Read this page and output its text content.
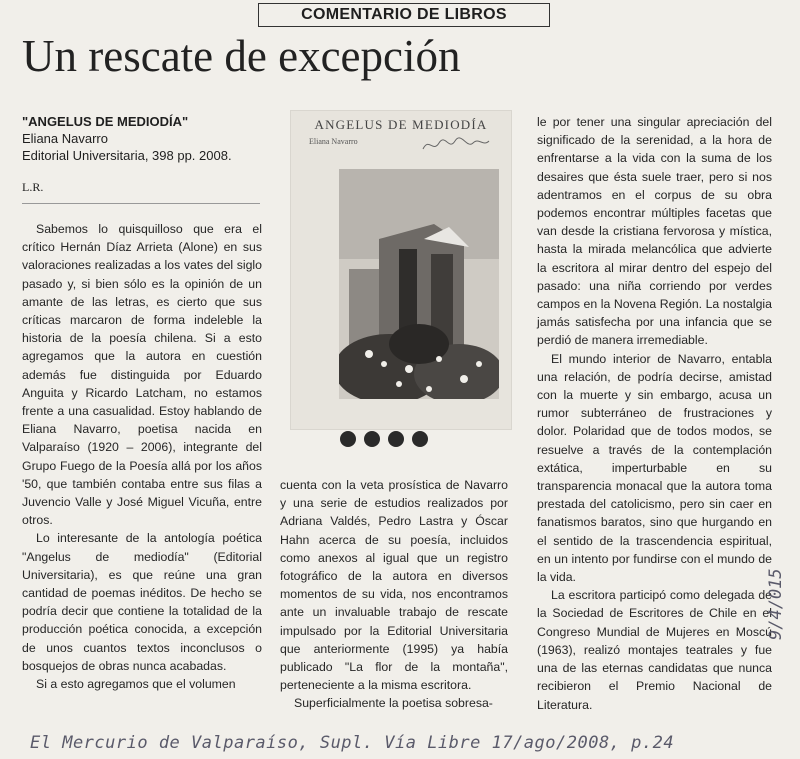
COMENTARIO DE LIBROS
Un rescate de excepción
"ANGELUS DE MEDIODÍA"
Eliana Navarro
Editorial Universitaria, 398 pp. 2008.
L.R.

Sabemos lo quisquilloso que era el crítico Hernán Díaz Arrieta (Alone) en sus valoraciones realizadas a los vates del siglo pasado y, si bien sólo es la opinión de un amante de las letras, es cierto que sus críticas marcaron de forma indeleble la historia de la poesía chilena. Si a esto agregamos que la autora en cuestión además fue distinguida por Eduardo Anguita y Ricardo Latcham, no estamos frente a una casualidad. Estoy hablando de Eliana Navarro, poetisa nacida en Valparaíso (1920 – 2006), integrante del Grupo Fuego de la Poesía allá por los años '50, que también contaba entre sus filas a Juvencio Valle y José Miguel Vicuña, entre otros.

Lo interesante de la antología poética "Angelus de mediodía" (Editorial Universitaria), es que reúne una gran cantidad de poemas inéditos. De hecho se podría decir que contiene la totalidad de la producción poética conocida, a excepción de unos cuantos textos inconclusos o bosquejos de obras nunca acabadas.

Si a esto agregamos que el volumen

ANGELUS DE MEDIODÍA
Eliana Navarro

cuenta con la veta prosística de Navarro y una serie de estudios realizados por Adriana Valdés, Pedro Lastra y Óscar Hahn acerca de su poesía, incluidos como anexos al igual que un registro fotográfico de la autora en diversos momentos de su vida, nos encontramos ante un invaluable trabajo de rescate impulsado por la Editorial Universitaria que anteriormente (1995) ya había publicado "La flor de la montaña", perteneciente a la misma escritora.

Superficialmente la poetisa sobresa-

le por tener una singular apreciación del significado de la serenidad, a la hora de enfrentarse a la vida con la suma de los desaires que ésta suele traer, pero si nos adentramos en el corpus de su obra podemos encontrar múltiples facetas que van desde la cristiana fervorosa y mística, hasta la mirada melancólica que advierte la escritora al mirar dentro del espejo del pasado: una niña corriendo por verdes campos en la Novena Región. La nostalgia jamás satisfecha por una infancia que se perdió de manera irremediable.

El mundo interior de Navarro, entabla una relación, de podría decirse, amistad con la muerte y sin embargo, acusa un rumor subterráneo de frustraciones y dolor. Polaridad que de todos modos, se resuelve a través de la contemplación extática, imperturbable en su transparencia monacal que la autora toma prestada del catolicismo, pero sin caer en fanatismos baratos, sino que hurgando en el sentido de la trascendencia espiritual, en un intento por fundirse con el mundo de la vida.

La escritora participó como delegada de la Sociedad de Escritores de Chile en el Congreso Mundial de Mujeres en Moscú (1963), realizó montajes teatrales y fue una de las eternas candidatas que nunca recibieron el Premio Nacional de Literatura.

El Mercurio de Valparaíso, Supl. Vía Libre 17/ago/2008, p.24
9/4/015
